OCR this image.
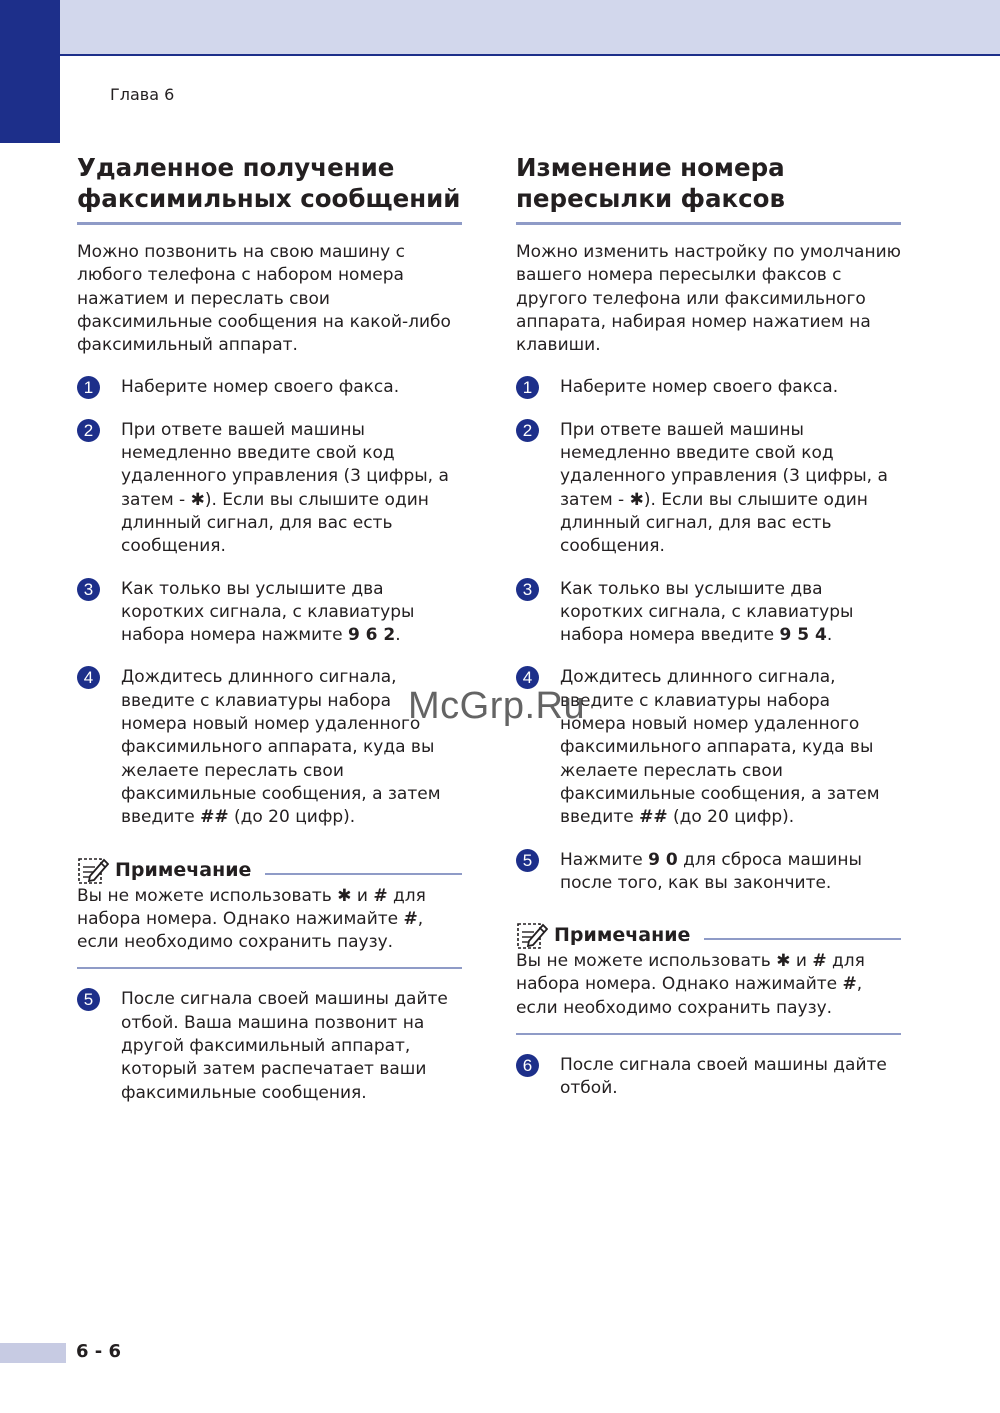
Глава 6
Удаленное получение
факсимильных сообщений

Можно позвонить на свою машину с любого телефона с набором номера нажатием и переслать свои факсимильные сообщения на какой-либо факсимильный аппарат.

1	Наберите номер своего факса.
2	При ответе вашей машины немедленно введите свой код удаленного управления (3 цифры, а затем - ✱). Если вы слышите один длинный сигнал, для вас есть сообщения.
3	Как только вы услышите два коротких сигнала, с клавиатуры набора номера нажмите 9 6 2.
4	Дождитесь длинного сигнала, введите с клавиатуры набора номера новый номер удаленного факсимильного аппарата, куда вы желаете переслать свои факсимильные сообщения, а затем введите ## (до 20 цифр).
Примечание
Вы не можете использовать ✱ и # для набора номера. Однако нажимайте #, если необходимо сохранить паузу.
5	После сигнала своей машины дайте отбой. Ваша машина позвонит на другой факсимильный аппарат, который затем распечатает ваши факсимильные сообщения.
Изменение номера
пересылки факсов

Можно изменить настройку по умолчанию вашего номера пересылки факсов с другого телефона или факсимильного аппарата, набирая номер нажатием на клавиши.

1	Наберите номер своего факса.
2	При ответе вашей машины немедленно введите свой код удаленного управления (3 цифры, а затем - ✱). Если вы слышите один длинный сигнал, для вас есть сообщения.
3	Как только вы услышите два коротких сигнала, с клавиатуры набора номера введите 9 5 4.
4	Дождитесь длинного сигнала, введите с клавиатуры набора номера новый номер удаленного факсимильного аппарата, куда вы желаете переслать свои факсимильные сообщения, а затем введите ## (до 20 цифр).
5	Нажмите 9 0 для сброса машины после того, как вы закончите.
Примечание
Вы не можете использовать ✱ и # для набора номера. Однако нажимайте #, если необходимо сохранить паузу.
6	После сигнала своей машины дайте отбой.
McGrp.Ru
6 - 6
